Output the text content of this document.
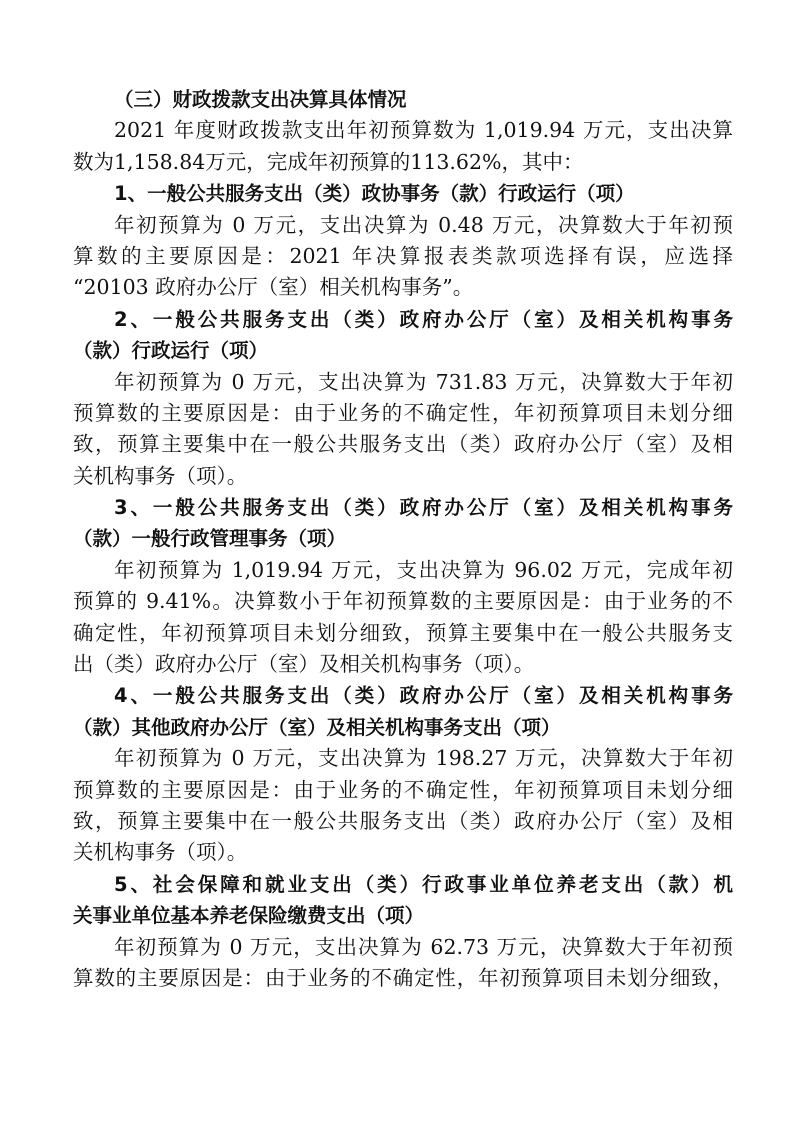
（三）财政拨款支出决算具体情况
2021 年度财政拨款支出年初预算数为 1,019.94 万元，支出决算
数为1,158.84万元，完成年初预算的113.62%，其中：
1、一般公共服务支出（类）政协事务（款）行政运行（项）
年初预算为 0 万元，支出决算为 0.48 万元，决算数大于年初预
算数的主要原因是：2021 年决算报表类款项选择有误，应选择
“20103 政府办公厅（室）相关机构事务”。
2、一般公共服务支出（类）政府办公厅（室）及相关机构事务
（款）行政运行（项）
年初预算为 0 万元，支出决算为 731.83 万元，决算数大于年初
预算数的主要原因是：由于业务的不确定性，年初预算项目未划分细
致，预算主要集中在一般公共服务支出（类）政府办公厅（室）及相
关机构事务（项）。
3、一般公共服务支出（类）政府办公厅（室）及相关机构事务
（款）一般行政管理事务（项）
年初预算为 1,019.94 万元，支出决算为 96.02 万元，完成年初
预算的 9.41%。决算数小于年初预算数的主要原因是：由于业务的不
确定性，年初预算项目未划分细致，预算主要集中在一般公共服务支
出（类）政府办公厅（室）及相关机构事务（项）。
4、一般公共服务支出（类）政府办公厅（室）及相关机构事务
（款）其他政府办公厅（室）及相关机构事务支出（项）
年初预算为 0 万元，支出决算为 198.27 万元，决算数大于年初
预算数的主要原因是：由于业务的不确定性，年初预算项目未划分细
致，预算主要集中在一般公共服务支出（类）政府办公厅（室）及相
关机构事务（项）。
5、社会保障和就业支出（类）行政事业单位养老支出（款）机
关事业单位基本养老保险缴费支出（项）
年初预算为 0 万元，支出决算为 62.73 万元，决算数大于年初预
算数的主要原因是：由于业务的不确定性，年初预算项目未划分细致，
